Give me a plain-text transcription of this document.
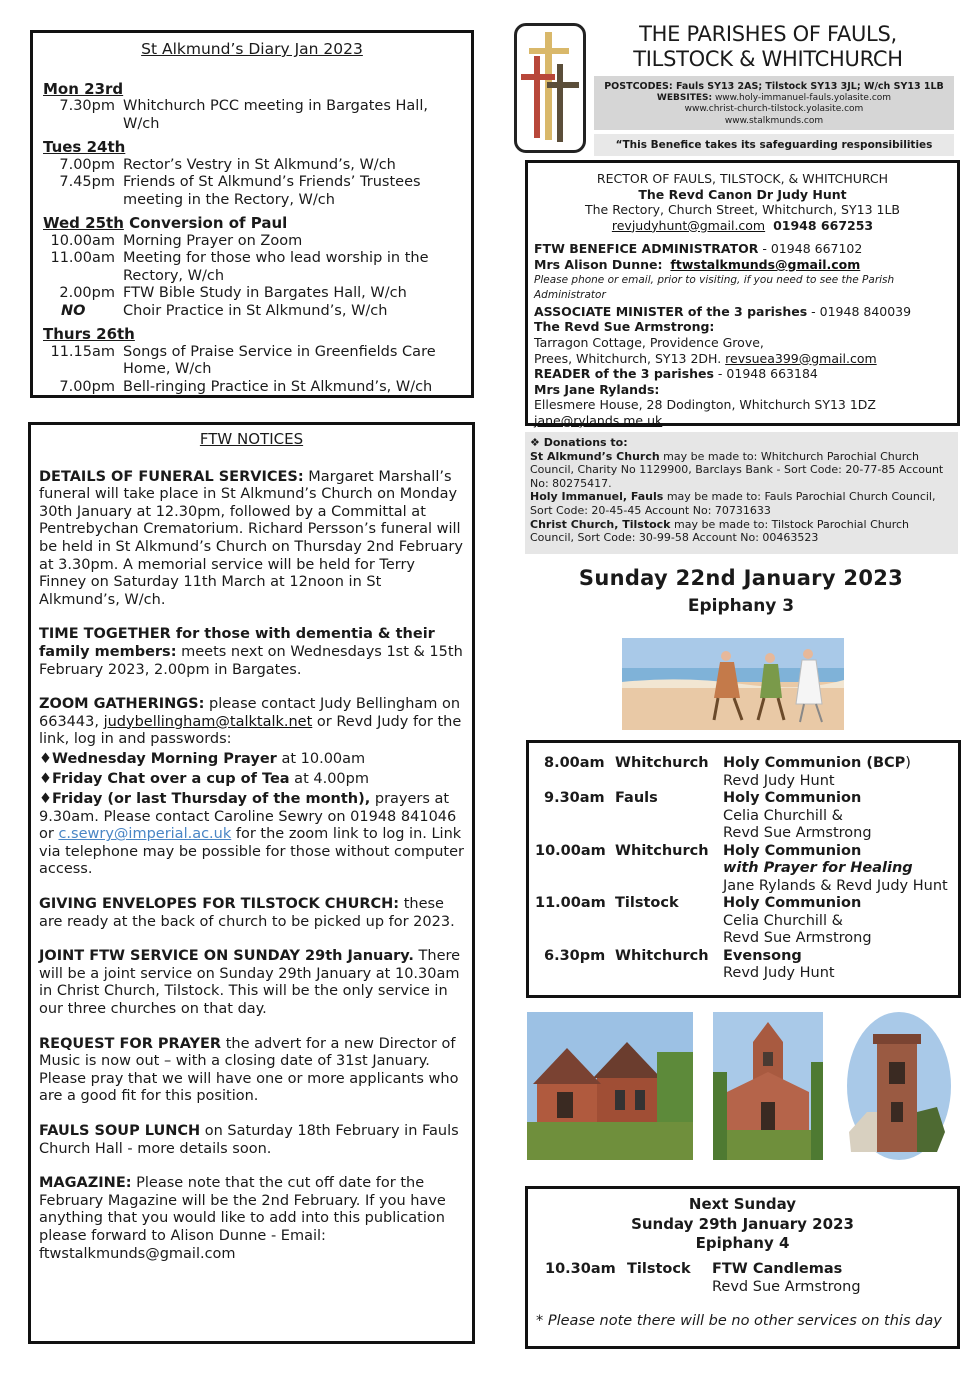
St Alkmund’s Diary Jan 2023
Mon 23rd
7.30pm Whitchurch PCC meeting in Bargates Hall, W/ch
Tues 24th
7.00pm Rector’s Vestry in St Alkmund’s, W/ch
7.45pm Friends of St Alkmund’s Friends’ Trustees meeting in the Rectory, W/ch
Wed 25th Conversion of Paul
10.00am Morning Prayer on Zoom
11.00am Meeting for those who lead worship in the Rectory, W/ch
2.00pm FTW Bible Study in Bargates Hall, W/ch
NO	Choir Practice in St Alkmund’s, W/ch
Thurs 26th
11.15am Songs of Praise Service in Greenfields Care Home, W/ch
7.00pm Bell-ringing Practice in St Alkmund’s, W/ch
FTW NOTICES

DETAILS OF FUNERAL SERVICES: Margaret Marshall’s funeral will take place in St Alkmund’s Church on Monday 30th January at 12.30pm, followed by a Committal at Pentrebychan Crematorium. Richard Persson’s funeral will be held in St Alkmund’s Church on Thursday 2nd February at 3.30pm. A memorial service will be held for Terry Finney on Saturday 11th March at 12noon in St Alkmund’s, W/ch.

TIME TOGETHER for those with dementia & their family members: meets next on Wednesdays 1st & 15th February 2023, 2.00pm in Bargates.

ZOOM GATHERINGS: please contact Judy Bellingham on 663443, judybellingham@talktalk.net or Revd Judy for the link, log in and passwords:

♦Wednesday Morning Prayer at 10.00am

♦Friday Chat over a cup of Tea at 4.00pm

♦Friday (or last Thursday of the month), prayers at 9.30am. Please contact Caroline Sewry on 01948 841046 or c.sewry@imperial.ac.uk for the zoom link to log in. Link via telephone may be possible for those without computer access.

GIVING ENVELOPES FOR TILSTOCK CHURCH: these are ready at the back of church to be picked up for 2023.

JOINT FTW SERVICE ON SUNDAY 29th January. There will be a joint service on Sunday 29th January at 10.30am in Christ Church, Tilstock. This will be the only service in our three churches on that day.

REQUEST FOR PRAYER the advert for a new Director of Music is now out – with a closing date of 31st January. Please pray that we will have one or more applicants who are a good fit for this position.

FAULS SOUP LUNCH on Saturday 18th February in Fauls Church Hall - more details soon.

MAGAZINE: Please note that the cut off date for the February Magazine will be the 2nd February. If you have anything that you would like to add into this publication please forward to Alison Dunne - Email: ftwstalkmunds@gmail.com

THE PARISHES OF FAULS,
TILSTOCK & WHITCHURCH
POSTCODES: Fauls SY13 2AS; Tilstock SY13 3JL; W/ch SY13 1LB
WEBSITES: www.holy-immanuel-fauls.yolasite.com
www.christ-church-tilstock.yolasite.com
www.stalkmunds.com
“This Benefice takes its safeguarding responsibilities
RECTOR OF FAULS, TILSTOCK, & WHITCHURCH
The Revd Canon Dr Judy Hunt
The Rectory, Church Street, Whitchurch, SY13 1LB
revjudyhunt@gmail.com 01948 667253
FTW BENEFICE ADMINISTRATOR - 01948 667102
Mrs Alison Dunne: ftwstalkmunds@gmail.com
Please phone or email, prior to visiting, if you need to see the Parish Administrator
ASSOCIATE MINISTER of the 3 parishes - 01948 840039
The Revd Sue Armstrong:
Tarragon Cottage, Providence Grove,
Prees, Whitchurch, SY13 2DH. revsuea399@gmail.com
READER of the 3 parishes - 01948 663184
Mrs Jane Rylands:
Ellesmere House, 28 Dodington, Whitchurch SY13 1DZ
jane@rylands.me.uk
❖ Donations to:
St Alkmund’s Church may be made to: Whitchurch Parochial Church Council, Charity No 1129900, Barclays Bank - Sort Code: 20-77-85 Account No: 80275417.
Holy Immanuel, Fauls may be made to: Fauls Parochial Church Council, Sort Code: 20-45-45 Account No: 70731633
Christ Church, Tilstock may be made to: Tilstock Parochial Church Council, Sort Code: 30-99-58 Account No: 00463523
Sunday 22nd January 2023
Epiphany 3
8.00am Whitchurch Holy Communion (BCP)
Revd Judy Hunt
9.30am Fauls	Holy Communion
Celia Churchill &
Revd Sue Armstrong
10.00am Whitchurch Holy Communion
with Prayer for Healing
Jane Rylands & Revd Judy Hunt
11.00am Tilstock	Holy Communion
Celia Churchill &
Revd Sue Armstrong
6.30pm Whitchurch Evensong
Revd Judy Hunt
Next Sunday
Sunday 29th January 2023
Epiphany 4
10.30am Tilstock	FTW Candlemas
Revd Sue Armstrong
* Please note there will be no other services on this day
